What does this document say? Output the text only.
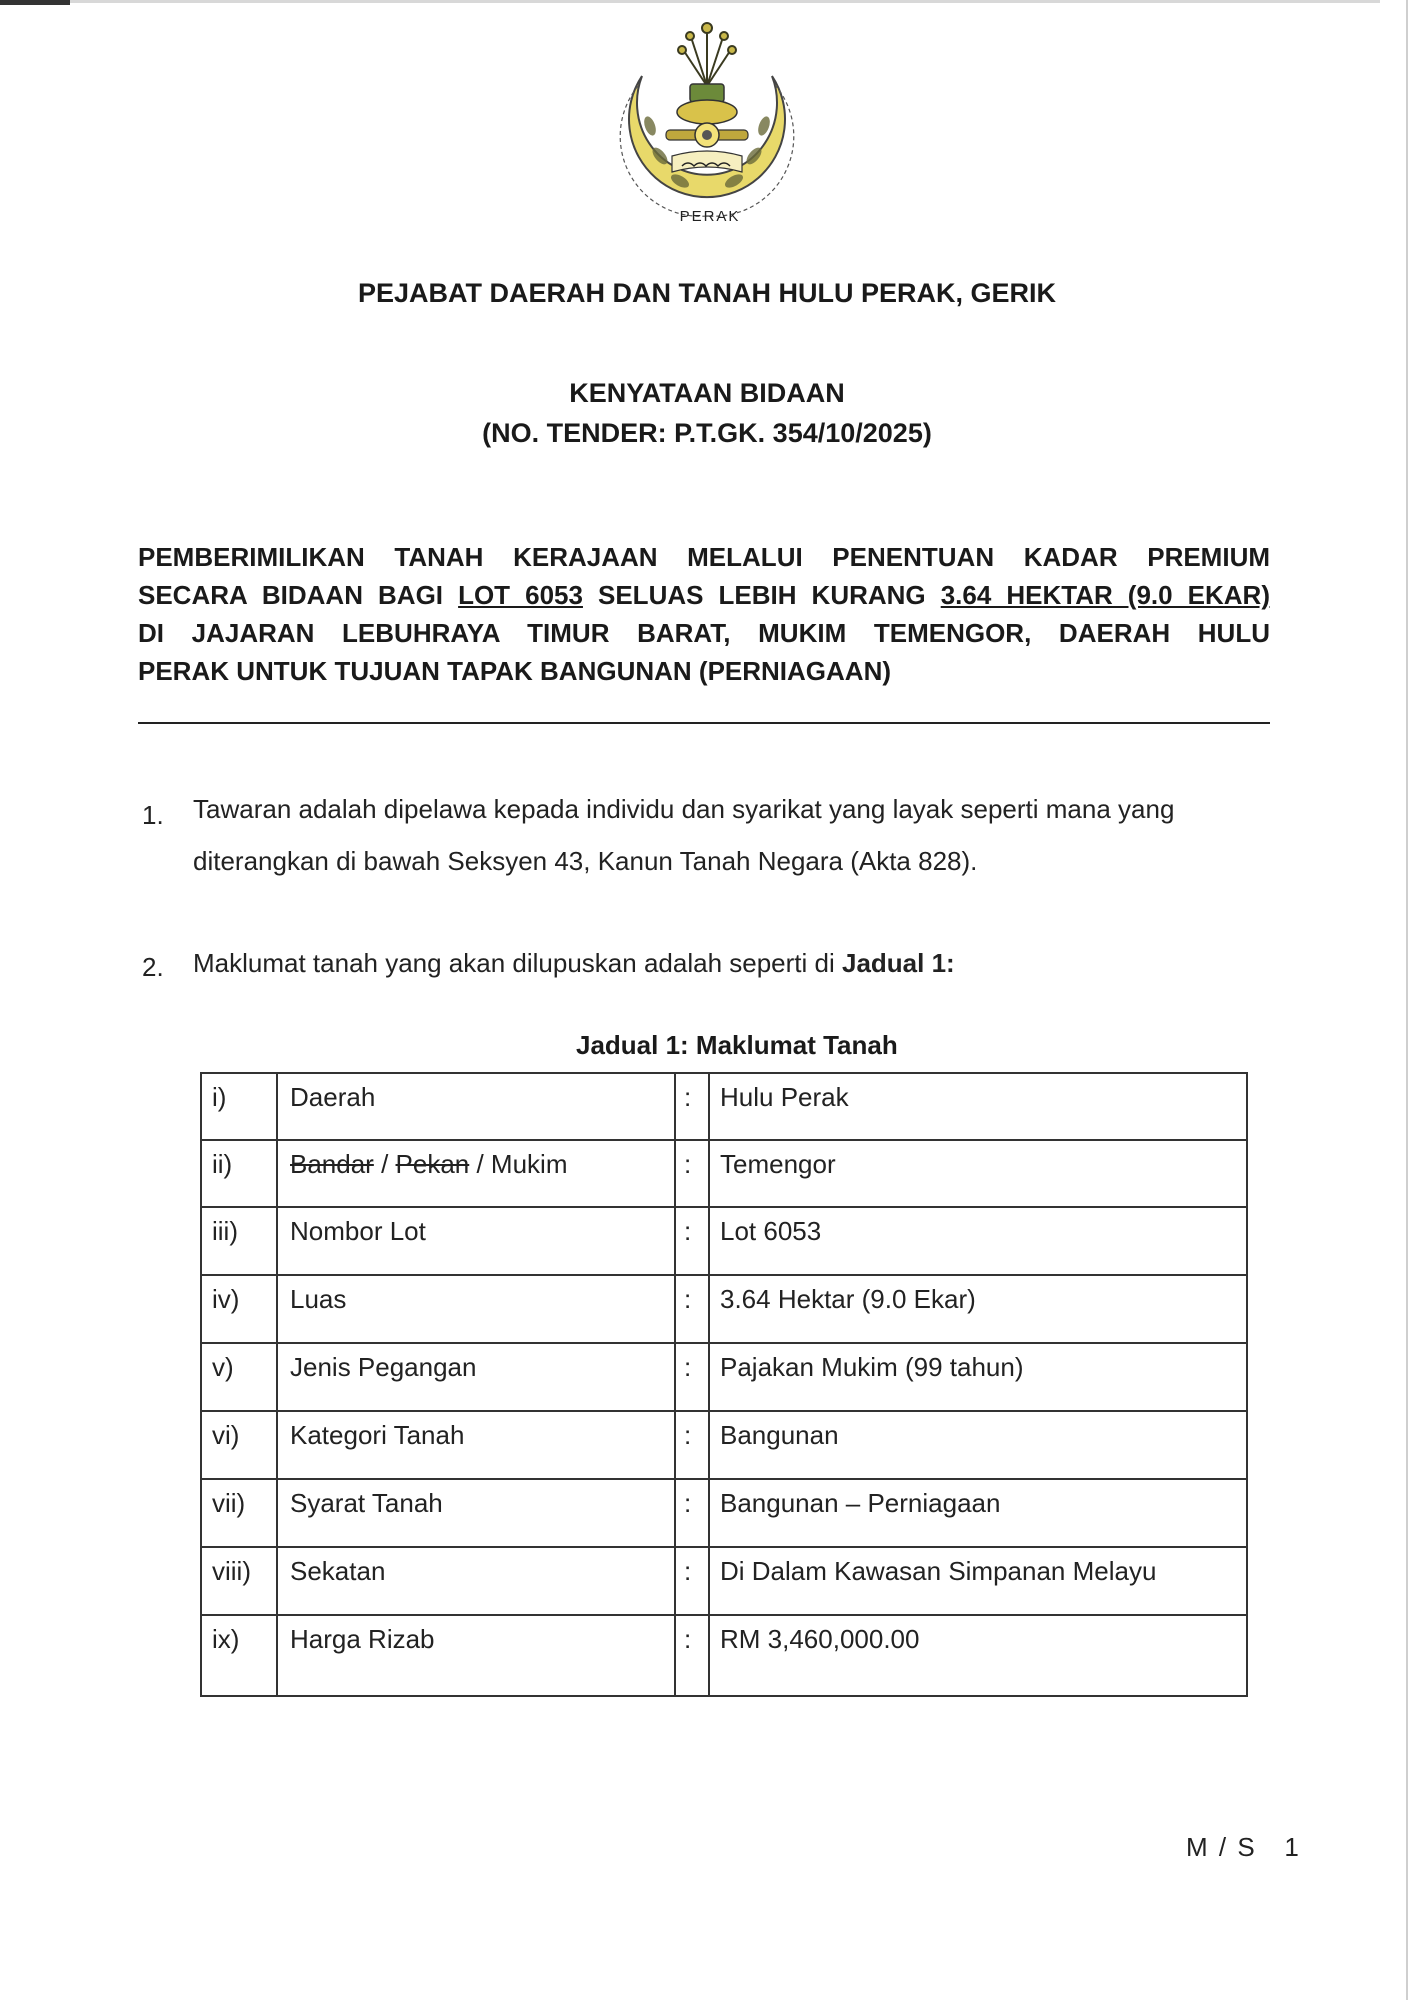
PERAK
PEJABAT DAERAH DAN TANAH HULU PERAK, GERIK
KENYATAAN BIDAAN
(NO. TENDER: P.T.GK. 354/10/2025)
PEMBERIMILIKAN TANAH KERAJAAN MELALUI PENENTUAN KADAR PREMIUM
SECARA BIDAAN BAGI LOT 6053 SELUAS LEBIH KURANG 3.64 HEKTAR (9.0 EKAR)
DI JAJARAN LEBUHRAYA TIMUR BARAT, MUKIM TEMENGOR, DAERAH HULU
PERAK UNTUK TUJUAN TAPAK BANGUNAN (PERNIAGAAN)
1. Tawaran adalah dipelawa kepada individu dan syarikat yang layak seperti mana yang
diterangkan di bawah Seksyen 43, Kanun Tanah Negara (Akta 828).
2. Maklumat tanah yang akan dilupuskan adalah seperti di Jadual 1:
Jadual 1: Maklumat Tanah
i) Daerah	: Hulu Perak
ii) Bandar / Pekan / Mukim	: Temengor
iii) Nombor Lot	: Lot 6053
iv) Luas	: 3.64 Hektar (9.0 Ekar)
v) Jenis Pegangan	: Pajakan Mukim (99 tahun)
vi) Kategori Tanah	: Bangunan
vii) Syarat Tanah	: Bangunan – Perniagaan
viii) Sekatan	: Di Dalam Kawasan Simpanan Melayu
ix) Harga Rizab	: RM 3,460,000.00
M / S   1
